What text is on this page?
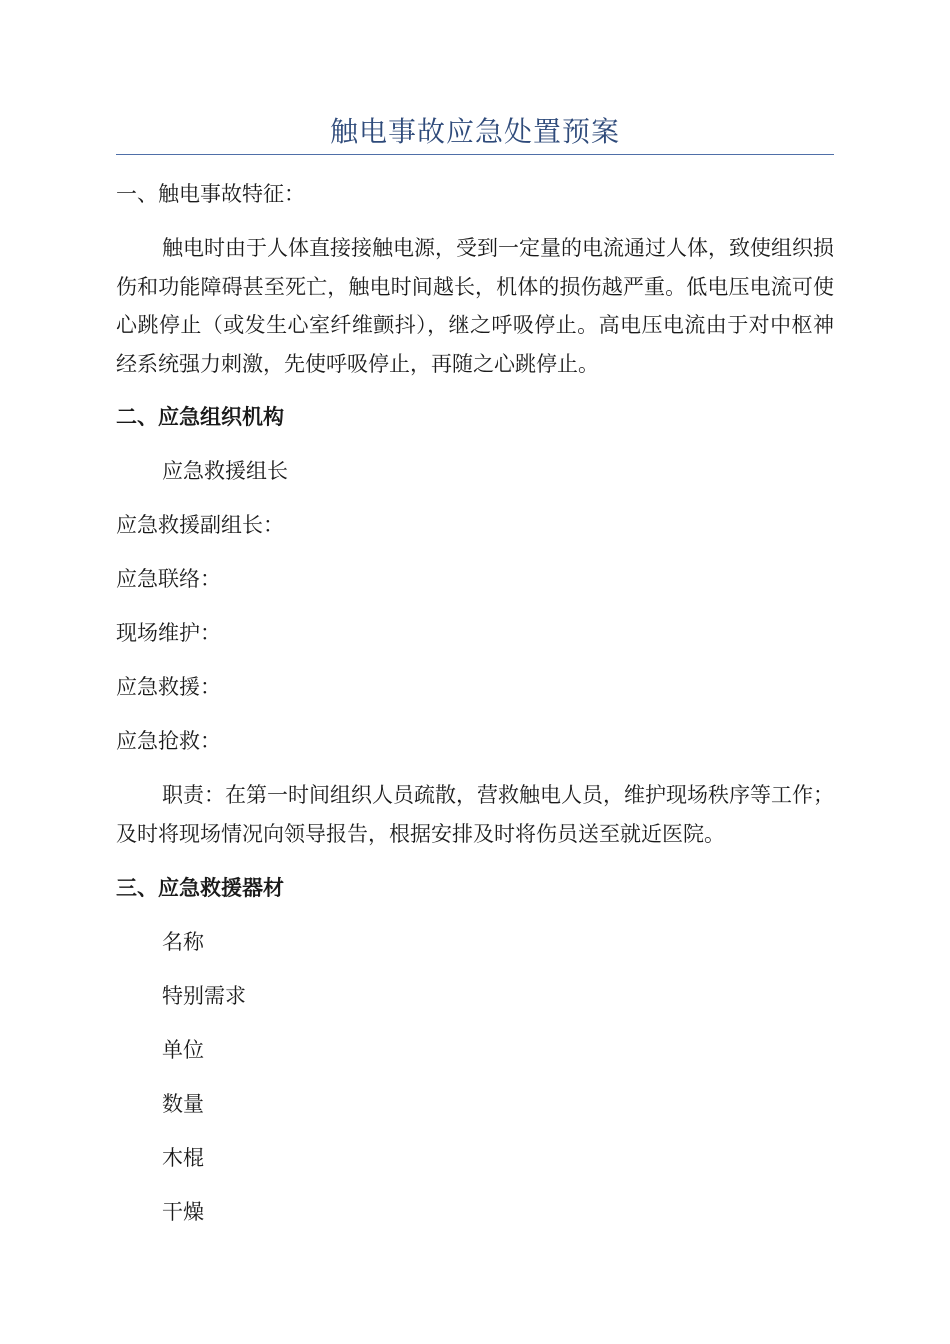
触电事故应急处置预案
一、触电事故特征：
触电时由于人体直接接触电源，受到一定量的电流通过人体，致使组织损伤和功能障碍甚至死亡，触电时间越长，机体的损伤越严重。低电压电流可使心跳停止（或发生心室纤维颤抖），继之呼吸停止。高电压电流由于对中枢神经系统强力刺激，先使呼吸停止，再随之心跳停止。
二、应急组织机构
应急救援组长
应急救援副组长：
应急联络：
现场维护：
应急救援：
应急抢救：
职责：在第一时间组织人员疏散，营救触电人员，维护现场秩序等工作；及时将现场情况向领导报告，根据安排及时将伤员送至就近医院。
三、应急救援器材
名称
特别需求
单位
数量
木棍
干燥
